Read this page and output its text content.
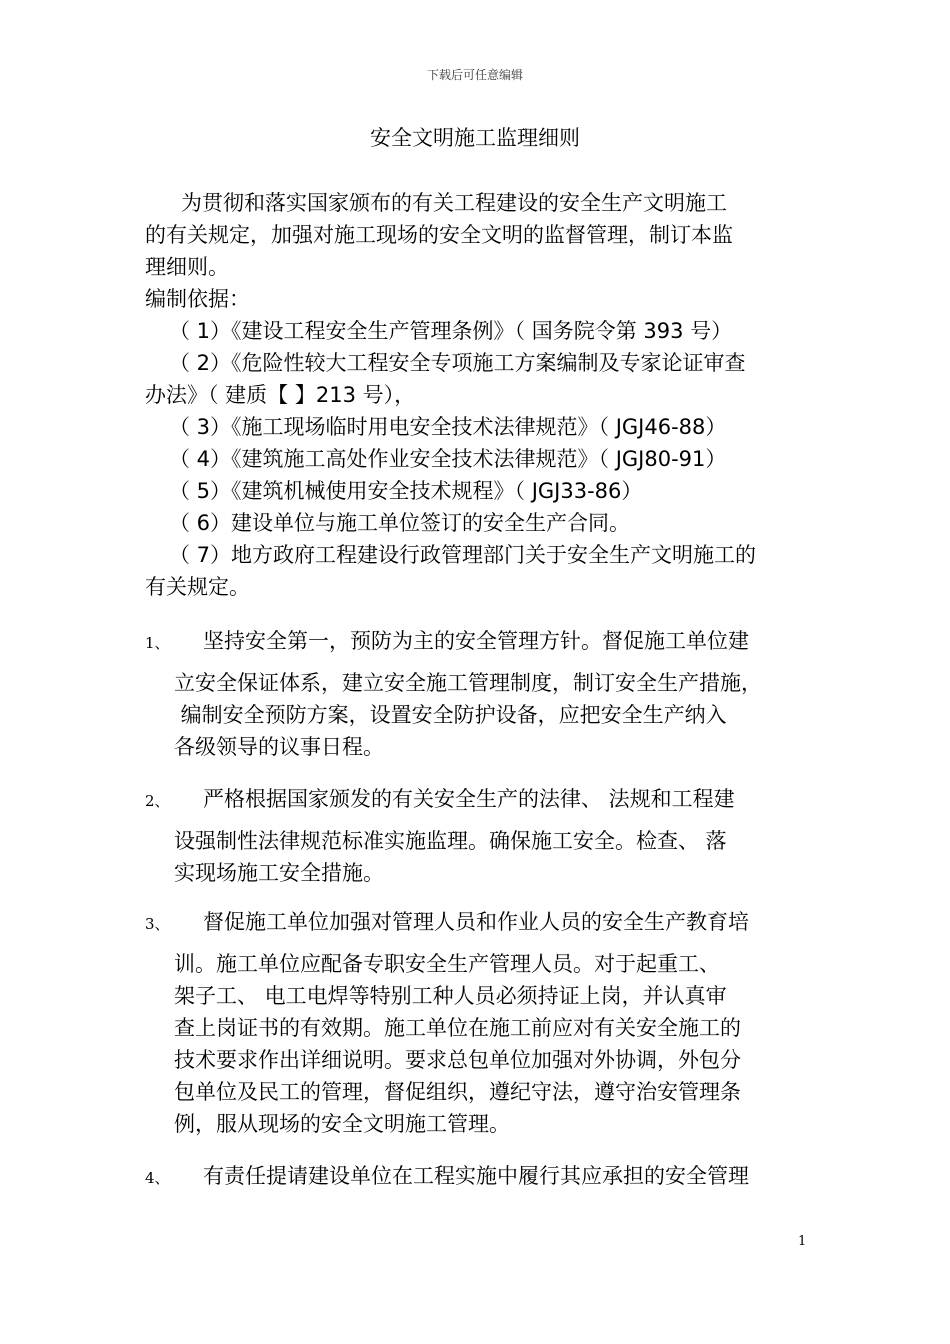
下载后可任意编辑
安全文明施工监理细则
为贯彻和落实国家颁布的有关工程建设的安全生产文明施工
的有关规定，加强对施工现场的安全文明的监督管理，制订本监
理细则。
编制依据：
（ 1）《建设工程安全生产管理条例》（ 国务院令第 393 号）
（ 2）《危险性较大工程安全专项施工方案编制及专家论证审查
办法》（ 建质【 】213 号），
（ 3）《施工现场临时用电安全技术法律规范》（ JGJ46-88）
（ 4）《建筑施工高处作业安全技术法律规范》（ JGJ80-91）
（ 5）《建筑机械使用安全技术规程》（ JGJ33-86）
（ 6）建设单位与施工单位签订的安全生产合同。
（ 7）地方政府工程建设行政管理部门关于安全生产文明施工的
有关规定。
1、 坚持安全第一，预防为主的安全管理方针。督促施工单位建
立安全保证体系，建立安全施工管理制度，制订安全生产措施，
编制安全预防方案，设置安全防护设备，应把安全生产纳入
各级领导的议事日程。
2、 严格根据国家颁发的有关安全生产的法律、 法规和工程建
设强制性法律规范标准实施监理。确保施工安全。检查、 落
实现场施工安全措施。
3、 督促施工单位加强对管理人员和作业人员的安全生产教育培
训。施工单位应配备专职安全生产管理人员。对于起重工、
架子工、 电工电焊等特别工种人员必须持证上岗，并认真审
查上岗证书的有效期。施工单位在施工前应对有关安全施工的
技术要求作出详细说明。要求总包单位加强对外协调，外包分
包单位及民工的管理，督促组织，遵纪守法，遵守治安管理条
例，服从现场的安全文明施工管理。
4、 有责任提请建设单位在工程实施中履行其应承担的安全管理
1
